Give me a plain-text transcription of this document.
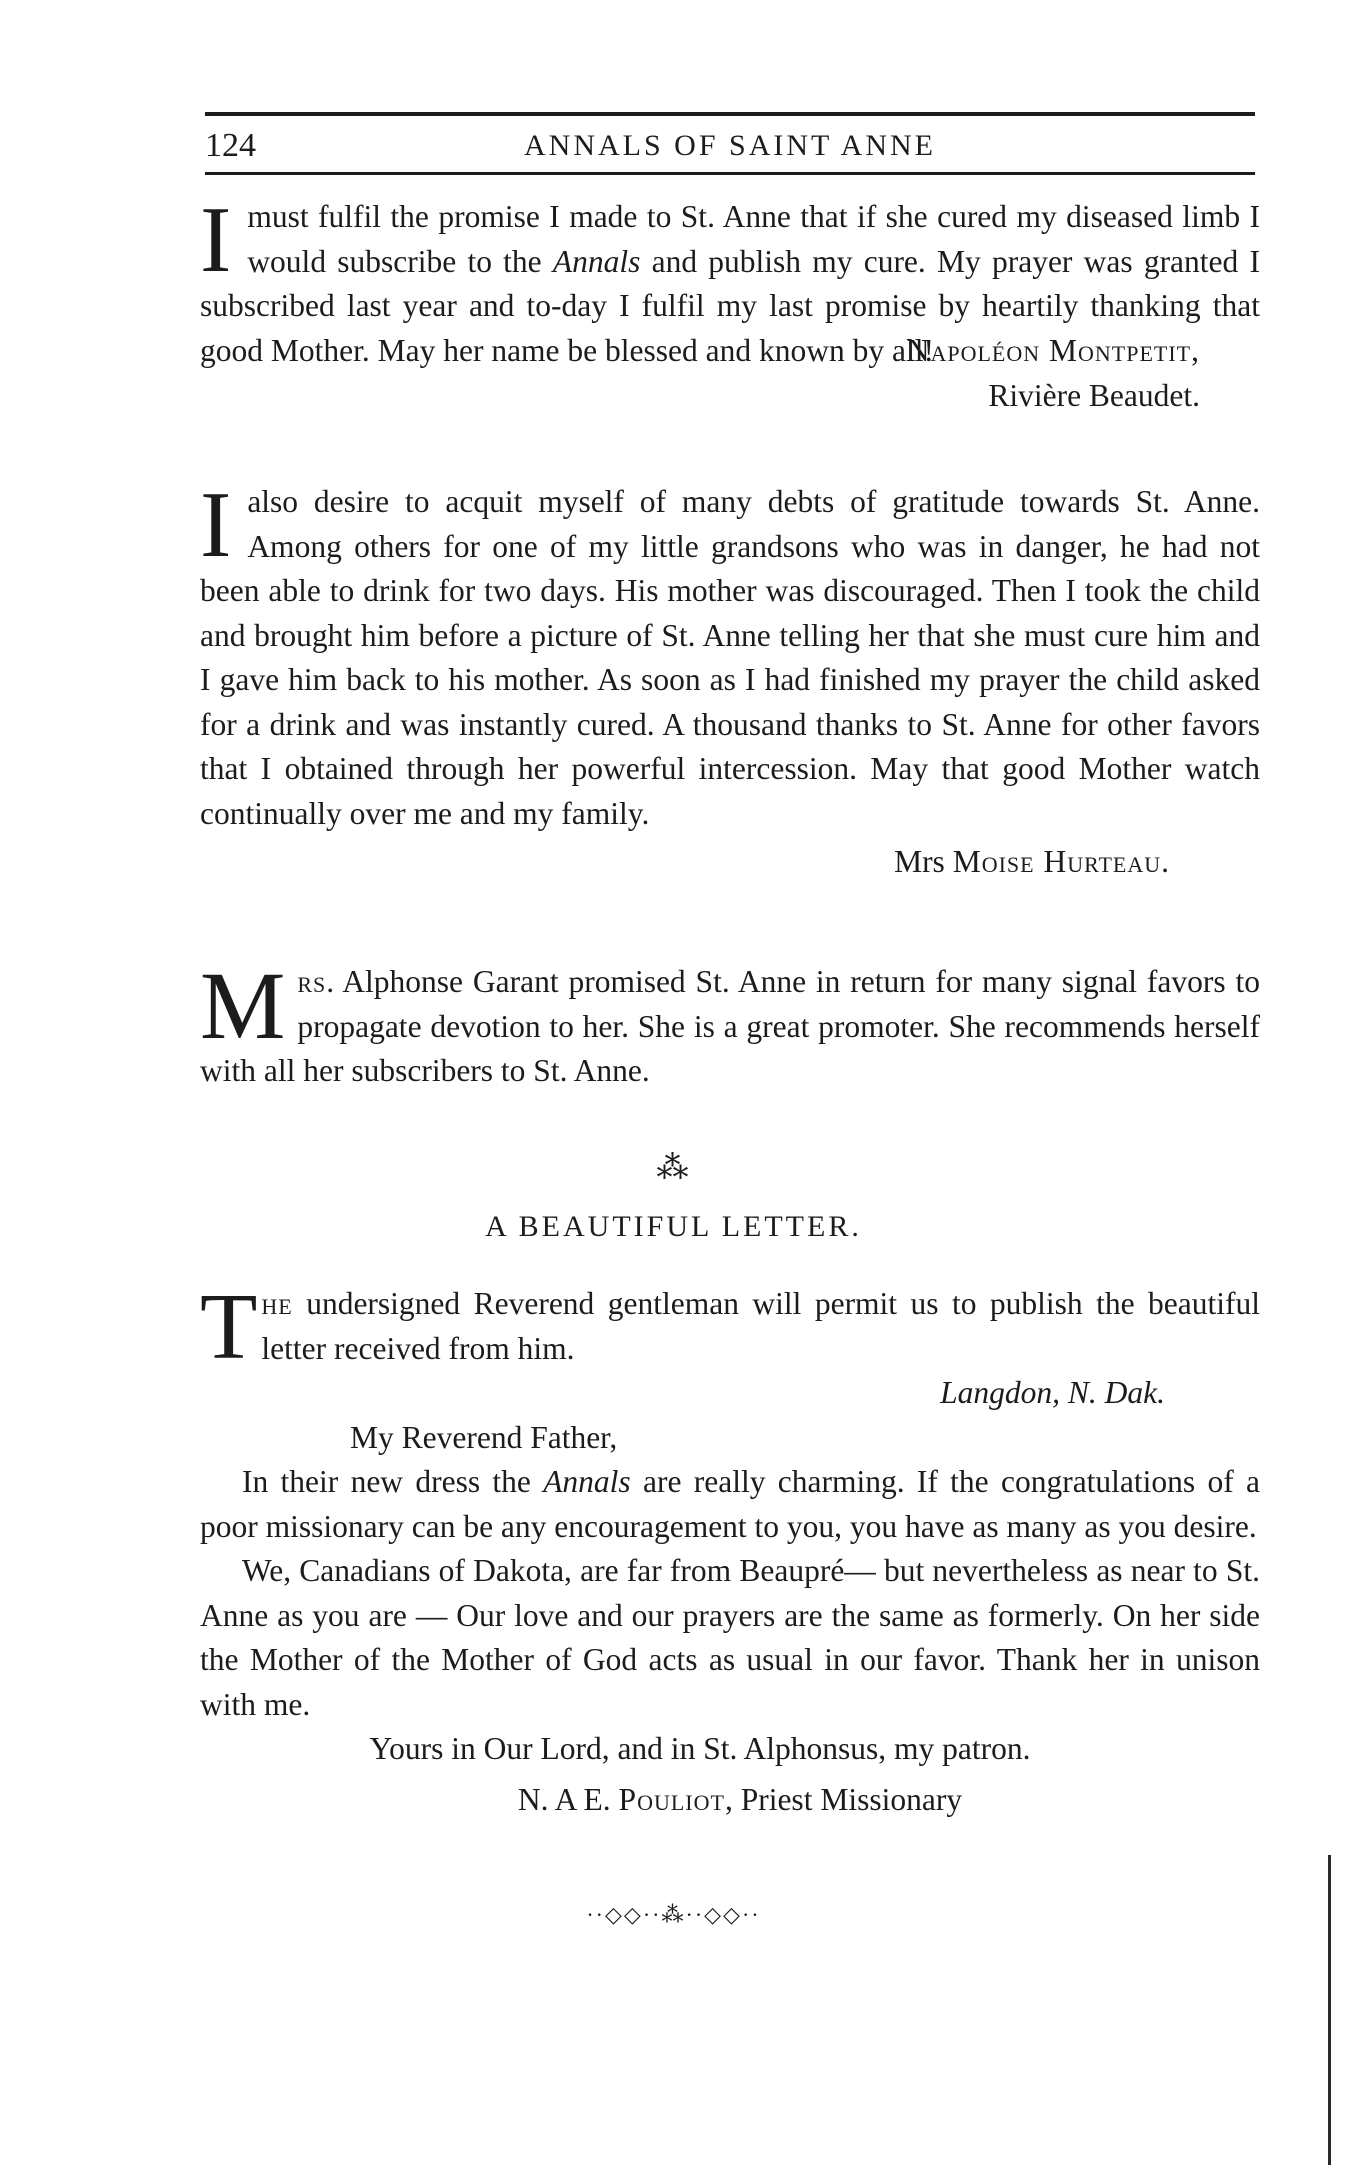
124	ANNALS OF SAINT ANNE

I must fulfil the promise I made to St. Anne that if she cured my diseased limb I would subscribe to the Annals and publish my cure. My prayer was granted I subscribed last year and to-day I fulfil my last promise by heartily thanking that good Mother. May her name be blessed and known by all!

Napoléon Montpetit,
Rivière Beaudet.

I also desire to acquit myself of many debts of gratitude towards St. Anne. Among others for one of my little grandsons who was in danger, he had not been able to drink for two days. His mother was discouraged. Then I took the child and brought him before a picture of St. Anne telling her that she must cure him and I gave him back to his mother. As soon as I had finished my prayer the child asked for a drink and was instantly cured. A thousand thanks to St. Anne for other favors that I obtained through her powerful intercession. May that good Mother watch continually over me and my family.

Mrs Moise Hurteau.

Mrs. Alphonse Garant promised St. Anne in return for many signal favors to propagate devotion to her. She is a great promoter. She recommends herself with all her subscribers to St. Anne.

⁂
A BEAUTIFUL LETTER.

The undersigned Reverend gentleman will permit us to publish the beautiful letter received from him.

Langdon, N. Dak.

My Reverend Father,

In their new dress the Annals are really charming. If the congratulations of a poor missionary can be any encouragement to you, you have as many as you desire.

We, Canadians of Dakota, are far from Beaupré— but nevertheless as near to St. Anne as you are — Our love and our prayers are the same as formerly. On her side the Mother of the Mother of God acts as usual in our favor. Thank her in unison with me.

Yours in Our Lord, and in St. Alphonsus, my patron.

N. A E. Pouliot, Priest Missionary
··◇◇··⁂··◇◇··
